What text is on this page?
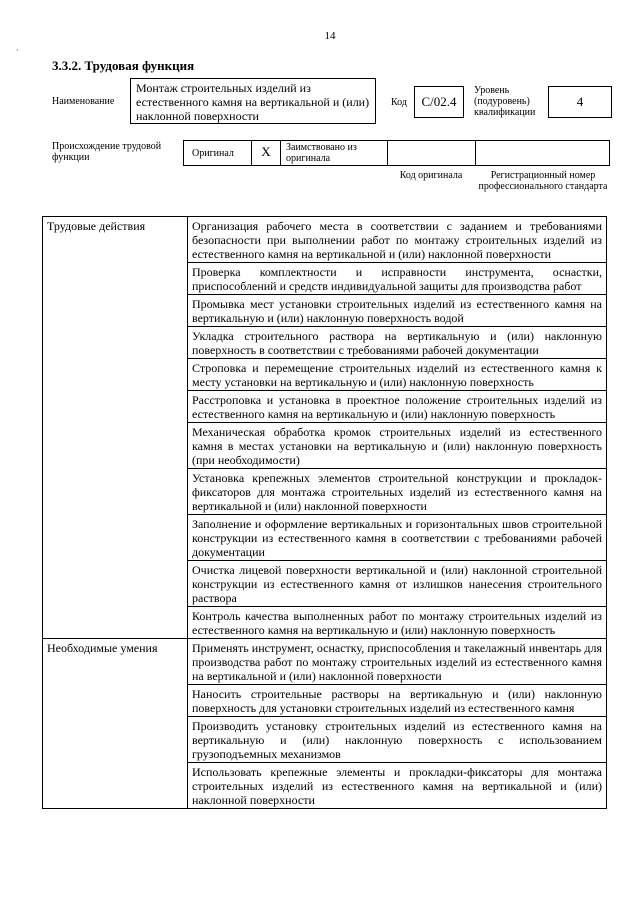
14
·
3.3.2. Трудовая функция
Наименование
Монтаж строительных изделий из естественного камня на вертикальной и (или) наклонной поверхности
Код	С/02.4
Уровень (подуровень) квалификации
4
Происхождение трудовой функции	Оригинал	Х	Заимствовано из оригинала
Код оригинала	Регистрационный номер профессионального стандарта
Трудовые действия	Организация рабочего места в соответствии с заданием и требованиями безопасности при выполнении работ по монтажу строительных изделий из естественного камня на вертикальной и (или) наклонной поверхности
	Проверка комплектности и исправности инструмента, оснастки, приспособлений и средств индивидуальной защиты для производства работ
	Промывка мест установки строительных изделий из естественного камня на вертикальную и (или) наклонную поверхность водой
	Укладка строительного раствора на вертикальную и (или) наклонную поверхность в соответствии с требованиями рабочей документации
	Строповка и перемещение строительных изделий из естественного камня к месту установки на вертикальную и (или) наклонную поверхность
	Расстроповка и установка в проектное положение строительных изделий из естественного камня на вертикальную и (или) наклонную поверхность
	Механическая обработка кромок строительных изделий из естественного камня в местах установки на вертикальную и (или) наклонную поверхность (при необходимости)
	Установка крепежных элементов строительной конструкции и прокладок-фиксаторов для монтажа строительных изделий из естественного камня на вертикальной и (или) наклонной поверхности
	Заполнение и оформление вертикальных и горизонтальных швов строительной конструкции из естественного камня в соответствии с требованиями рабочей документации
	Очистка лицевой поверхности вертикальной и (или) наклонной строительной конструкции из естественного камня от излишков нанесения строительного раствора
	Контроль качества выполненных работ по монтажу строительных изделий из естественного камня на вертикальную и (или) наклонную поверхность
Необходимые умения	Применять инструмент, оснастку, приспособления и такелажный инвентарь для производства работ по монтажу строительных изделий из естественного камня на вертикальной и (или) наклонной поверхности
	Наносить строительные растворы на вертикальную и (или) наклонную поверхность для установки строительных изделий из естественного камня
	Производить установку строительных изделий из естественного камня на вертикальную и (или) наклонную поверхность с использованием грузоподъемных механизмов
	Использовать крепежные элементы и прокладки-фиксаторы для монтажа строительных изделий из естественного камня на вертикальной и (или) наклонной поверхности
